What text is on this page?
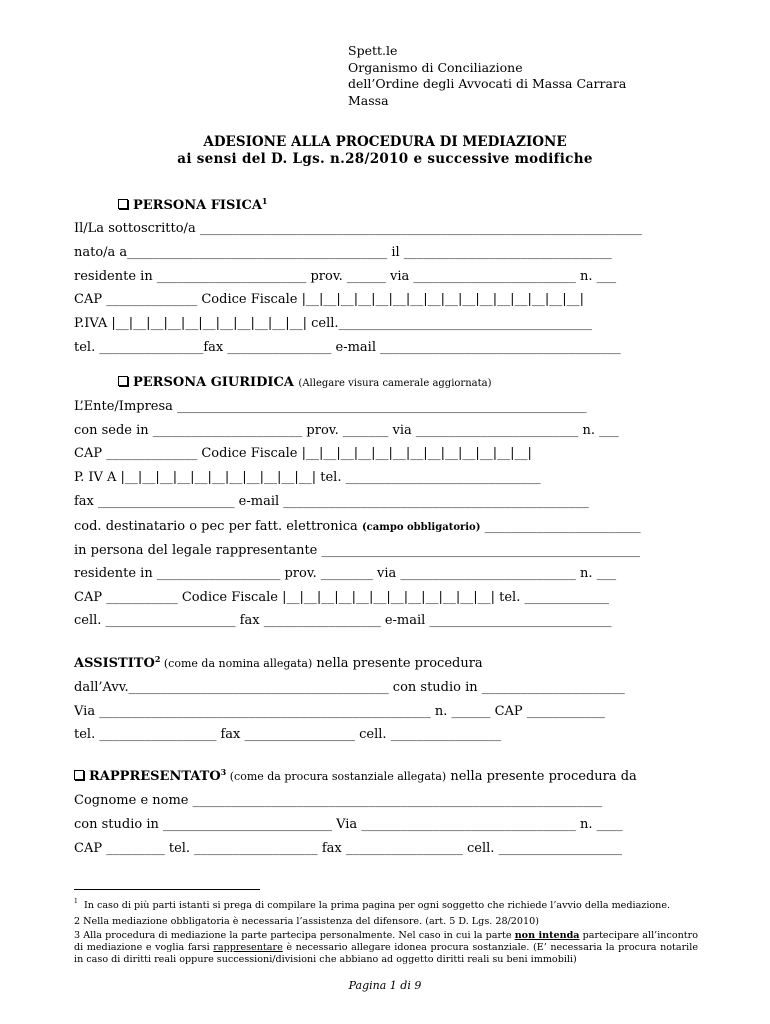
Spett.le
Organismo di Conciliazione
dell’Ordine degli Avvocati di Massa Carrara
Massa
ADESIONE ALLA PROCEDURA DI MEDIAZIONE
ai sensi del D. Lgs. n.28/2010 e successive modifiche
PERSONA FISICA$^1$
Il/La sottoscritto/a ____________________________________________________________________
nato/a a________________________________________ il ________________________________
residente in _______________________ prov. ______ via _________________________ n. ___
CAP ______________ Codice Fiscale |__|__|__|__|__|__|__|__|__|__|__|__|__|__|__|__|
P.IVA |__|__|__|__|__|__|__|__|__|__|__| cell._______________________________________
tel. ________________fax ________________ e-mail _____________________________________
PERSONA GIURIDICA (Allegare visura camerale aggiornata)
L’Ente/Impresa _______________________________________________________________
con sede in _______________________ prov. _______ via _________________________ n. ___
CAP ______________ Codice Fiscale |__|__|__|__|__|__|__|__|__|__|__|__|__|
P. IV A |__|__|__|__|__|__|__|__|__|__|__| tel. ______________________________
fax _____________________ e-mail _______________________________________________
cod. destinatario o pec per fatt. elettronica (campo obbligatorio) ________________________
in persona del legale rappresentante _________________________________________________
residente in ___________________ prov. ________ via ___________________________ n. ___
CAP ___________ Codice Fiscale |__|__|__|__|__|__|__|__|__|__|__|__| tel. _____________
cell. ____________________ fax __________________ e-mail ____________________________
ASSISTITO$^2$ (come da nomina allegata) nella presente procedura
dall’Avv.________________________________________ con studio in ______________________
Via ___________________________________________________ n. ______ CAP ____________
tel. __________________ fax _________________ cell. _________________
RAPPRESENTATO$^3$ (come da procura sostanziale allegata) nella presente procedura da
Cognome e nome _______________________________________________________________
con studio in __________________________ Via _________________________________ n. ____
CAP _________ tel. ___________________ fax __________________ cell. ___________________
$^1$ In caso di più parti istanti si prega di compilare la prima pagina per ogni soggetto che richiede l’avvio della mediazione.
2 Nella mediazione obbligatoria è necessaria l’assistenza del difensore. (art. 5 D. Lgs. 28/2010)
3 Alla procedura di mediazione la parte partecipa personalmente. Nel caso in cui la parte non intenda partecipare all’incontro di mediazione e voglia farsi rappresentare è necessario allegare idonea procura sostanziale. (E’ necessaria la procura notarile in caso di diritti reali oppure successioni/divisioni che abbiano ad oggetto diritti reali su beni immobili)
Pagina 1 di 9
